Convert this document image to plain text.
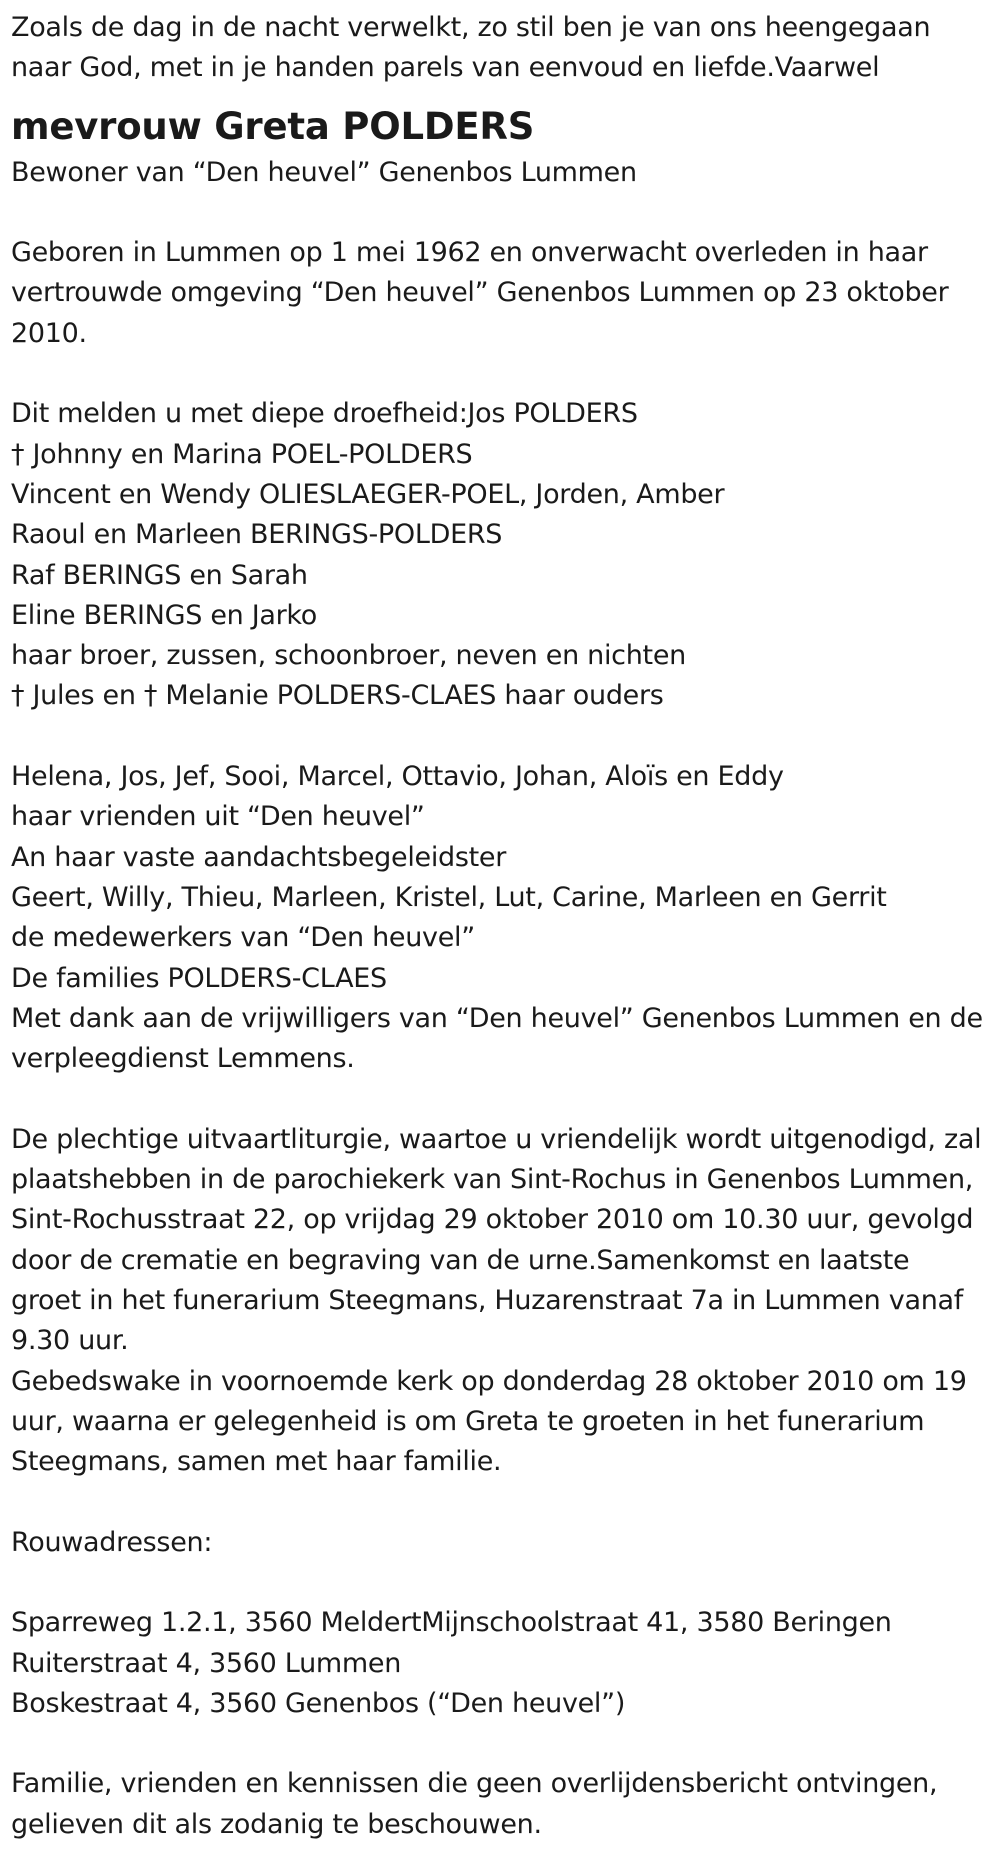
Zoals de dag in de nacht verwelkt, zo stil ben je van ons heengegaan
naar God, met in je handen parels van eenvoud en liefde.Vaarwel
mevrouw Greta POLDERS
Bewoner van “Den heuvel” Genenbos Lummen
Geboren in Lummen op 1 mei 1962 en onverwacht overleden in haar
vertrouwde omgeving “Den heuvel” Genenbos Lummen op 23 oktober
2010.
Dit melden u met diepe droefheid:Jos POLDERS
† Johnny en Marina POEL-POLDERS
Vincent en Wendy OLIESLAEGER-POEL, Jorden, Amber
Raoul en Marleen BERINGS-POLDERS
Raf BERINGS en Sarah
Eline BERINGS en Jarko
haar broer, zussen, schoonbroer, neven en nichten
† Jules en † Melanie POLDERS-CLAES haar ouders
Helena, Jos, Jef, Sooi, Marcel, Ottavio, Johan, Aloïs en Eddy
haar vrienden uit “Den heuvel”
An haar vaste aandachtsbegeleidster
Geert, Willy, Thieu, Marleen, Kristel, Lut, Carine, Marleen en Gerrit
de medewerkers van “Den heuvel”
De families POLDERS-CLAES
Met dank aan de vrijwilligers van “Den heuvel” Genenbos Lummen en de
verpleegdienst Lemmens.
De plechtige uitvaartliturgie, waartoe u vriendelijk wordt uitgenodigd, zal
plaatshebben in de parochiekerk van Sint-Rochus in Genenbos Lummen,
Sint-Rochusstraat 22, op vrijdag 29 oktober 2010 om 10.30 uur, gevolgd
door de crematie en begraving van de urne.Samenkomst en laatste
groet in het funerarium Steegmans, Huzarenstraat 7a in Lummen vanaf
9.30 uur.
Gebedswake in voornoemde kerk op donderdag 28 oktober 2010 om 19
uur, waarna er gelegenheid is om Greta te groeten in het funerarium
Steegmans, samen met haar familie.
Rouwadressen:
Sparreweg 1.2.1, 3560 MeldertMijnschoolstraat 41, 3580 Beringen
Ruiterstraat 4, 3560 Lummen
Boskestraat 4, 3560 Genenbos (“Den heuvel”)
Familie, vrienden en kennissen die geen overlijdensbericht ontvingen,
gelieven dit als zodanig te beschouwen.
